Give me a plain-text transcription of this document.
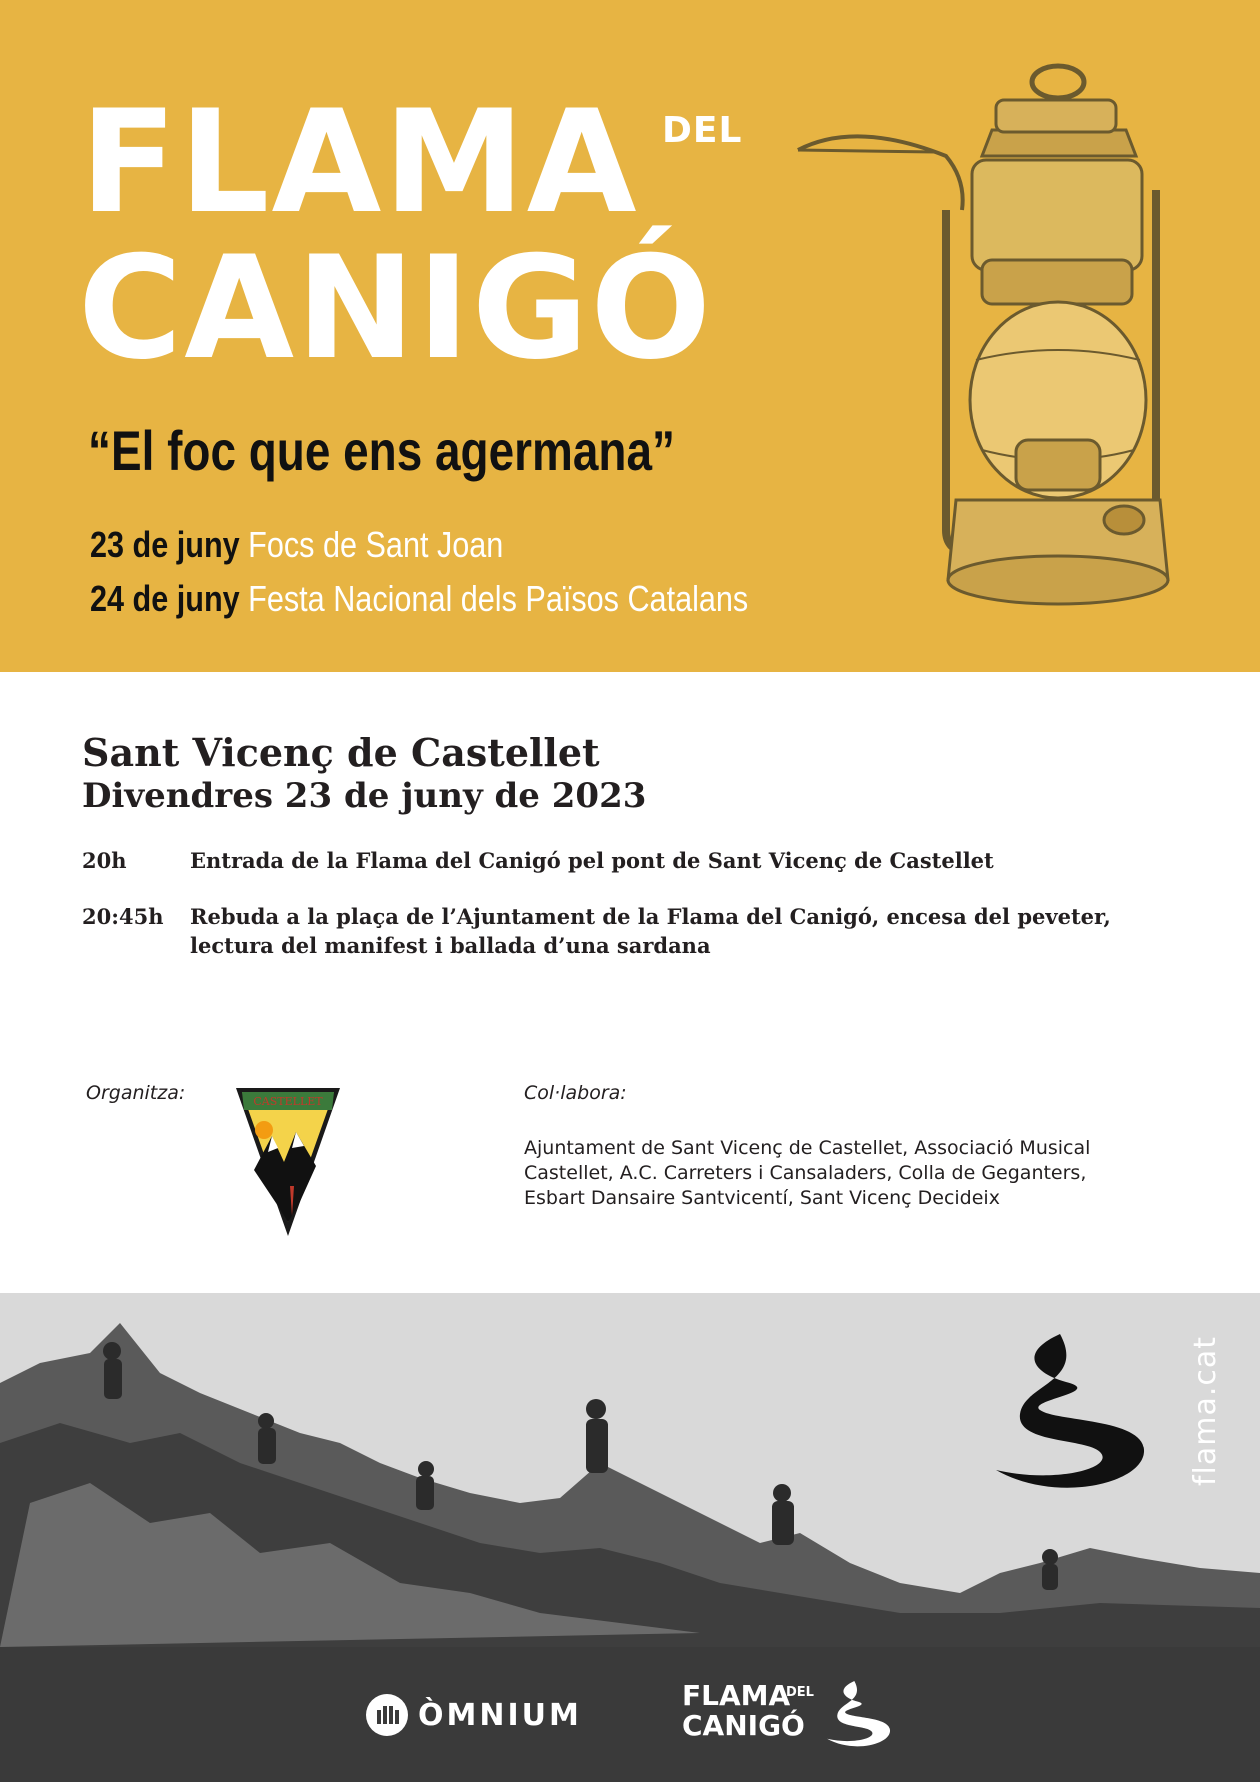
FLAMA DEL
CANIGÓ
“El foc que ens agermana”
23 de juny Focs de Sant Joan
24 de juny Festa Nacional dels Països Catalans
Sant Vicenç de Castellet
Divendres 23 de juny de 2023
20h	Entrada de la Flama del Canigó pel pont de Sant Vicenç de Castellet
20:45h	Rebuda a la plaça de l’Ajuntament de la Flama del Canigó, encesa del peveter, lectura del manifest i ballada d’una sardana
Organitza:	CASTELLET	Col·labora:
Ajuntament de Sant Vicenç de Castellet, Associació Musical Castellet, A.C. Carreters i Cansaladers, Colla de Geganters, Esbart Dansaire Santvicentí, Sant Vicenç Decideix
flama.cat
ÒMNIUM
FLAMA
DEL
CANIGÓ
